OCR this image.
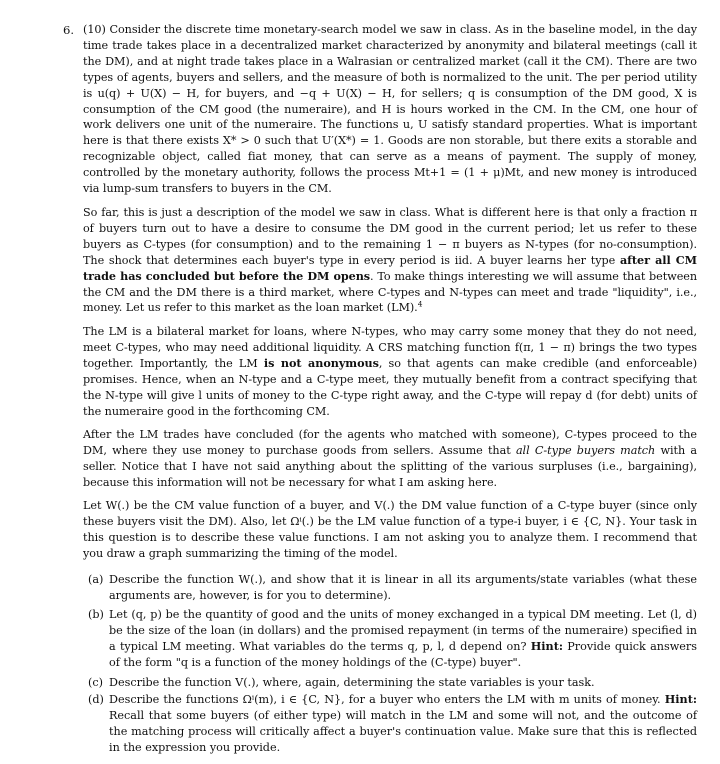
6. (10) Consider the discrete time monetary-search model we saw in class. As in the baseline model, in the day time trade takes place in a decentralized market characterized by anonymity and bilateral meetings (call it the DM), and at night trade takes place in a Walrasian or centralized market (call it the CM). There are two types of agents, buyers and sellers, and the measure of both is normalized to the unit. The per period utility is u(q) + U(X) − H, for buyers, and −q + U(X) − H, for sellers; q is consumption of the DM good, X is consumption of the CM good (the numeraire), and H is hours worked in the CM. In the CM, one hour of work delivers one unit of the numeraire. The functions u, U satisfy standard properties. What is important here is that there exists X* > 0 such that U′(X*) = 1. Goods are non storable, but there exits a storable and recognizable object, called fiat money, that can serve as a means of payment. The supply of money, controlled by the monetary authority, follows the process Mt+1 = (1 + μ)Mt, and new money is introduced via lump-sum transfers to buyers in the CM.
So far, this is just a description of the model we saw in class. What is different here is that only a fraction π of buyers turn out to have a desire to consume the DM good in the current period; let us refer to these buyers as C-types (for consumption) and to the remaining 1 − π buyers as N-types (for no-consumption). The shock that determines each buyer's type in every period is iid. A buyer learns her type after all CM trade has concluded but before the DM opens. To make things interesting we will assume that between the CM and the DM there is a third market, where C-types and N-types can meet and trade "liquidity", i.e., money. Let us refer to this market as the loan market (LM).$^4$
The LM is a bilateral market for loans, where N-types, who may carry some money that they do not need, meet C-types, who may need additional liquidity. A CRS matching function f(π, 1 − π) brings the two types together. Importantly, the LM is not anonymous, so that agents can make credible (and enforceable) promises. Hence, when an N-type and a C-type meet, they mutually benefit from a contract specifying that the N-type will give l units of money to the C-type right away, and the C-type will repay d (for debt) units of the numeraire good in the forthcoming CM.
After the LM trades have concluded (for the agents who matched with someone), C-types proceed to the DM, where they use money to purchase goods from sellers. Assume that all C-type buyers match with a seller. Notice that I have not said anything about the splitting of the various surpluses (i.e., bargaining), because this information will not be necessary for what I am asking here.
Let W(.) be the CM value function of a buyer, and V(.) the DM value function of a C-type buyer (since only these buyers visit the DM). Also, let Ωⁱ(.) be the LM value function of a type-i buyer, i ∈ {C, N}. Your task in this question is to describe these value functions. I am not asking you to analyze them. I recommend that you draw a graph summarizing the timing of the model.
(a) Describe the function W(.), and show that it is linear in all its arguments/state variables (what these arguments are, however, is for you to determine).
(b) Let (q, p) be the quantity of good and the units of money exchanged in a typical DM meeting. Let (l, d) be the size of the loan (in dollars) and the promised repayment (in terms of the numeraire) specified in a typical LM meeting. What variables do the terms q, p, l, d depend on? Hint: Provide quick answers of the form "q is a function of the money holdings of the (C-type) buyer".
(c) Describe the function V(.), where, again, determining the state variables is your task.
(d) Describe the functions Ωⁱ(m), i ∈ {C, N}, for a buyer who enters the LM with m units of money. Hint: Recall that some buyers (of either type) will match in the LM and some will not, and the outcome of the matching process will critically affect a buyer's continuation value. Make sure that this is reflected in the expression you provide.
